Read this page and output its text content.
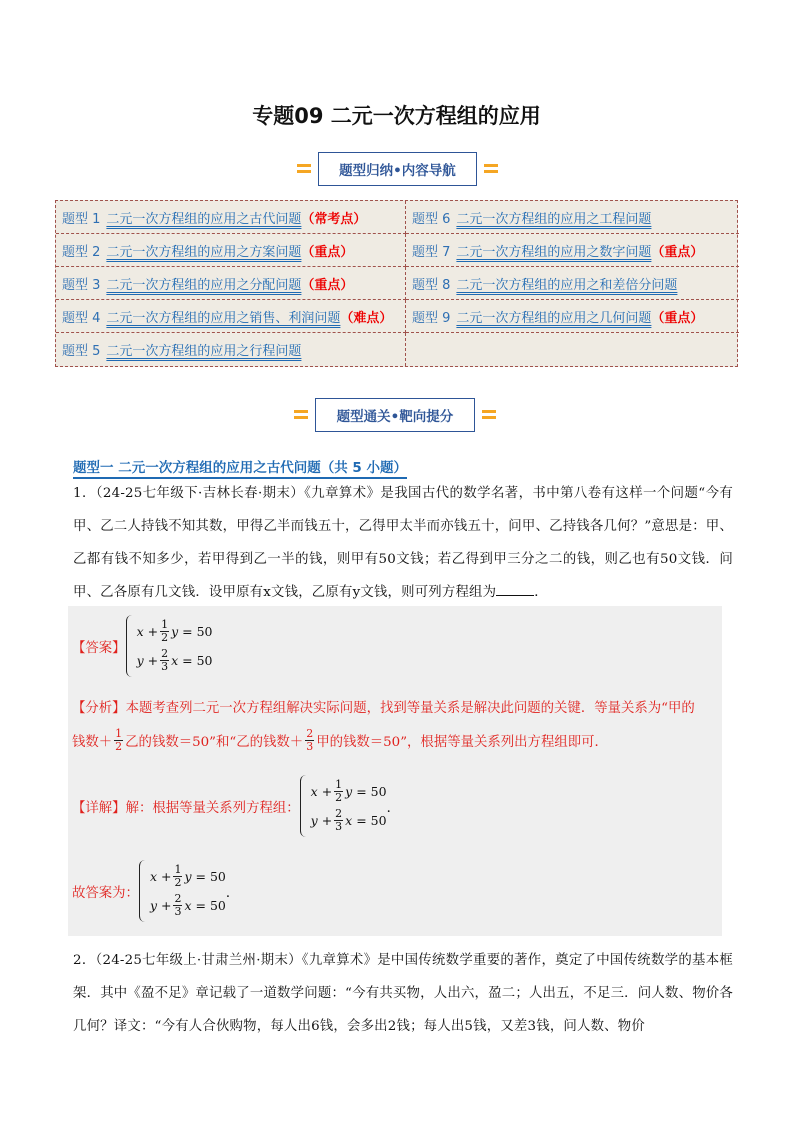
专题09 二元一次方程组的应用
题型归纳•内容导航
题型 1 二元一次方程组的应用之古代问题 （常考点）	题型 6 二元一次方程组的应用之工程问题
题型 2 二元一次方程组的应用之方案问题 （重点）	题型 7 二元一次方程组的应用之数字问题 （重点）
题型 3 二元一次方程组的应用之分配问题 （重点）	题型 8 二元一次方程组的应用之和差倍分问题
题型 4 二元一次方程组的应用之销售、利润问题 （难点） 题型 9 二元一次方程组的应用之几何问题 （重点）
题型 5 二元一次方程组的应用之行程问题
题型通关•靶向提分
题型一 二元一次方程组的应用之古代问题（共 5 小题）
1．（24-25七年级下·吉林长春·期末）《九章算术》是我国古代的数学名著，书中第八卷有这样一个问题“今有甲、乙二人持钱不知其数，甲得乙半而钱五十，乙得甲太半而亦钱五十，问甲、乙持钱各几何？”意思是：甲、乙都有钱不知多少，若甲得到乙一半的钱，则甲有50文钱；若乙得到甲三分之二的钱，则乙也有50文钱．问甲、乙各原有几文钱．设甲原有x文钱，乙原有y文钱，则可列方程组为	．
【答案】
x
+ $\frac{1}{2}$ y
= 50
y
+ $\frac{2}{3}$ x
= 50
【分析】 本题考查列二元一次方程组解决实际问题，找到等量关系是解决此问题的关键．等量关系为“甲的
钱数＋
1
2 乙的钱数＝50”和“乙的钱数＋
2
3 甲的钱数＝50”，根据等量关系列出方程组即可．
【详解】 解：根据等量关系列方程组：
x
+ $\frac{1}{2}$ y
= 50
y
+ $\frac{2}{3}$ x
= 50
．
故答案为：
x
+ $\frac{1}{2}$ y
= 50
y
+ $\frac{2}{3}$ x
= 50
．
2．（24-25七年级上·甘肃兰州·期末）《九章算术》是中国传统数学重要的著作，奠定了中国传统数学的基本框架．其中《盈不足》章记载了一道数学问题：“今有共买物，人出六，盈二；人出五，不足三．问人数、物价各几何？译文：“今有人合伙购物，每人出6钱，会多出2钱；每人出5钱，又差3钱，问人数、物价
